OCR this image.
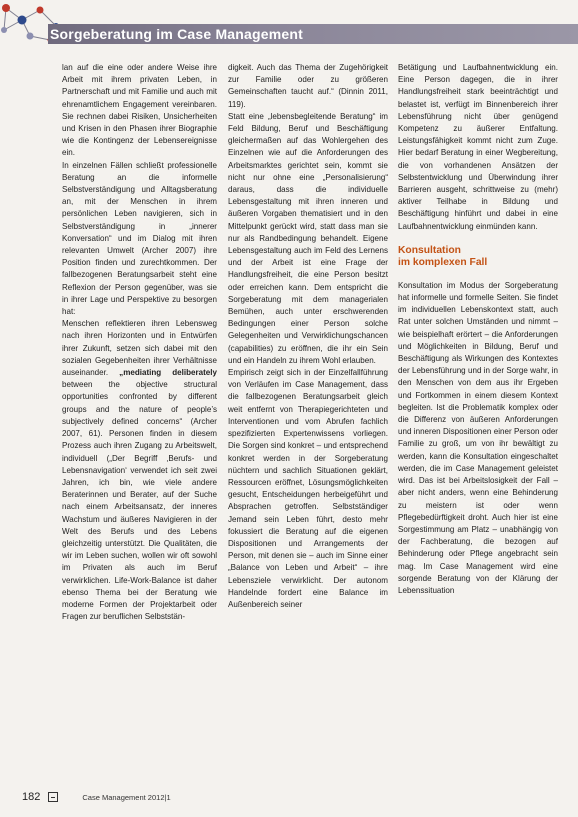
Sorgeberatung im Case Management

lan auf die eine oder andere Weise ihre Arbeit mit ihrem privaten Leben, in Partnerschaft und mit Familie und auch mit ehrenamtlichem Engagement vereinbaren. Sie rechnen dabei Risiken, Unsicherheiten und Krisen in den Phasen ihrer Biographie wie die Kontingenz der Lebensereignisse ein.

In einzelnen Fällen schließt professionelle Beratung an die informelle Selbstverständigung und Alltagsberatung an, mit der Menschen in ihrem persönlichen Leben navigieren, sich in Selbstverständigung in „innerer Konversation“ und im Dialog mit ihren relevanten Umwelt (Archer 2007) ihre Position finden und zurechtkommen. Der fallbezogenen Beratungsarbeit steht eine Reflexion der Person gegenüber, was sie in ihrer Lage und Perspektive zu besorgen hat:

Menschen reflektieren ihren Lebensweg nach ihren Horizonten und in Entwürfen ihrer Zukunft, setzen sich dabei mit den sozialen Gegebenheiten ihrer Verhältnisse auseinander. „mediating deliberately between the objective structural opportunities confronted by different groups and the nature of people’s subjectively defined concerns“ (Archer 2007, 61). Personen finden in diesem Prozess auch ihren Zugang zu Arbeitswelt, individuell („Der Begriff ‚Berufs- und Lebensnavigation‘ verwendet ich seit zwei Jahren, ich bin, wie viele andere Beraterinnen und Berater, auf der Suche nach einem Arbeitsansatz, der inneres Wachstum und äußeres Navigieren in der Welt des Berufs und des Lebens gleichzeitig unterstützt. Die Qualitäten, die wir im Leben suchen, wollen wir oft sowohl im Privaten als auch im Beruf verwirklichen. Life-Work-Balance ist daher ebenso Thema bei der Beratung wie moderne Formen der Projektarbeit oder Fragen zur beruflichen Selbststän-

digkeit. Auch das Thema der Zugehörigkeit zur Familie oder zu größeren Gemeinschaften taucht auf.“ (Dinnin 2011, 119).

Statt eine „lebensbegleitende Beratung“ im Feld Bildung, Beruf und Beschäftigung gleichermaßen auf das Wohlergehen des Einzelnen wie auf die Anforderungen des Arbeitsmarktes gerichtet sein, kommt sie nicht nur ohne eine „Personalisierung“ daraus, dass die individuelle Lebensgestaltung mit ihren inneren und äußeren Vorgaben thematisiert und in den Mittelpunkt gerückt wird, statt dass man sie nur als Randbedingung behandelt. Eigene Lebensgestaltung auch im Feld des Lernens und der Arbeit ist eine Frage der Handlungsfreiheit, die eine Person besitzt oder erreichen kann. Dem entspricht die Sorgeberatung mit dem managerialen Bemühen, auch unter erschwerenden Bedingungen einer Person solche Gelegenheiten und Verwirklichungschancen (capabilities) zu eröffnen, die ihr ein Sein und ein Handeln zu ihrem Wohl erlauben.

Empirisch zeigt sich in der Einzelfallführung von Verläufen im Case Management, dass die fallbezogenen Beratungsarbeit gleich weit entfernt von Therapiegerichteten und Interventionen und vom Abrufen fachlich spezifizierten Expertenwissens vorliegen. Die Sorgen sind konkret – und entsprechend konkret werden in der Sorgeberatung nüchtern und sachlich Situationen geklärt, Ressourcen eröffnet, Lösungsmöglichkeiten gesucht, Entscheidungen herbeigeführt und Absprachen getroffen. Selbstständiger Jemand sein Leben führt, desto mehr fokussiert die Beratung auf die eigenen Dispositionen und Arrangements der Person, mit denen sie – auch im Sinne einer „Balance von Leben und Arbeit“ – ihre Lebensziele verwirklicht. Der autonom Handelnde fordert eine Balance im Außenbereich seiner

Betätigung und Laufbahnentwicklung ein. Eine Person dagegen, die in ihrer Handlungsfreiheit stark beeinträchtigt und belastet ist, verfügt im Binnenbereich ihrer Lebensführung nicht über genügend Kompetenz zu äußerer Entfaltung. Leistungsfähigkeit kommt nicht zum Zuge. Hier bedarf Beratung in einer Wegbereitung, die von vorhandenen Ansätzen der Selbstentwicklung und Überwindung ihrer Barrieren ausgeht, schrittweise zu (mehr) aktiver Teilhabe in Bildung und Beschäftigung hinführt und dabei in eine Laufbahnentwicklung einmünden kann.

Konsultation
im komplexen Fall

Konsultation im Modus der Sorgeberatung hat informelle und formelle Seiten. Sie findet im individuellen Lebenskontext statt, auch Rat unter solchen Umständen und nimmt – wie beispielhaft erörtert – die Anforderungen und Möglichkeiten in Bildung, Beruf und Beschäftigung als Wirkungen des Kontextes der Lebensführung und in der Sorge wahr, in den Menschen von dem aus ihr Ergeben und Fortkommen in einem diesem Kontext begleiten. Ist die Problematik komplex oder die Differenz von äußeren Anforderungen und inneren Dispositionen einer Person oder Familie zu groß, um von ihr bewältigt zu werden, kann die Konsultation eingeschaltet werden, die im Case Management geleistet wird. Das ist bei Arbeitslosigkeit der Fall – aber nicht anders, wenn eine Behinderung zu meistern ist oder wenn Pflegebedürftigkeit droht. Auch hier ist eine Sorgestimmung am Platz – unabhängig von der Fachberatung, die bezogen auf Behinderung oder Pflege angebracht sein mag. Im Case Management wird eine sorgende Beratung von der Klärung der Lebenssituation

182	Case Management 2012|1
